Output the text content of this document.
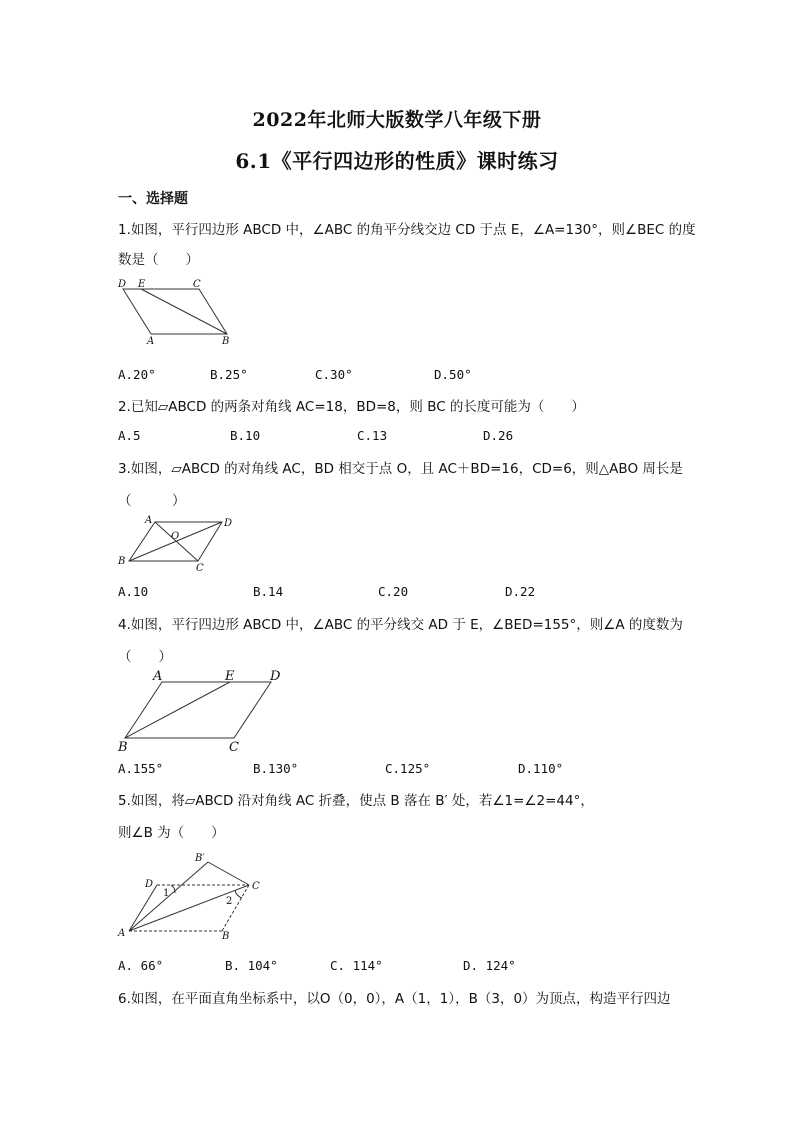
2022年北师大版数学八年级下册
6.1《平行四边形的性质》课时练习
一、选择题
1.如图，平行四边形 ABCD 中，∠ABC 的角平分线交边 CD 于点 E，∠A=130°，则∠BEC 的度
数是（　　）
D E	C
A	B
A.20°	B.25°	C.30°	D.50°
2.已知▱ABCD 的两条对角线 AC=18，BD=8，则 BC 的长度可能为（　　）
A.5	B.10	C.13	D.26
3.如图，▱ABCD 的对角线 AC，BD 相交于点 O，且 AC＋BD=16，CD=6，则△ABO 周长是
（　　　）
A	D
O
B
C
A.10	B.14	C.20	D.22
4.如图，平行四边形 ABCD 中，∠ABC 的平分线交 AD 于 E，∠BED=155°，则∠A 的度数为
（　　）
A	E	D
B	C
A.155°	B.130°	C.125°	D.110°
5.如图，将▱ABCD 沿对角线 AC 折叠，使点 B 落在 B′ 处，若∠1=∠2=44°，
则∠B 为（　　）
B′
D	C
1
2
A	B
A. 66°	B. 104°	C. 114°	D. 124°
6.如图，在平面直角坐标系中，以O（0，0），A（1，1），B（3，0）为顶点，构造平行四边
